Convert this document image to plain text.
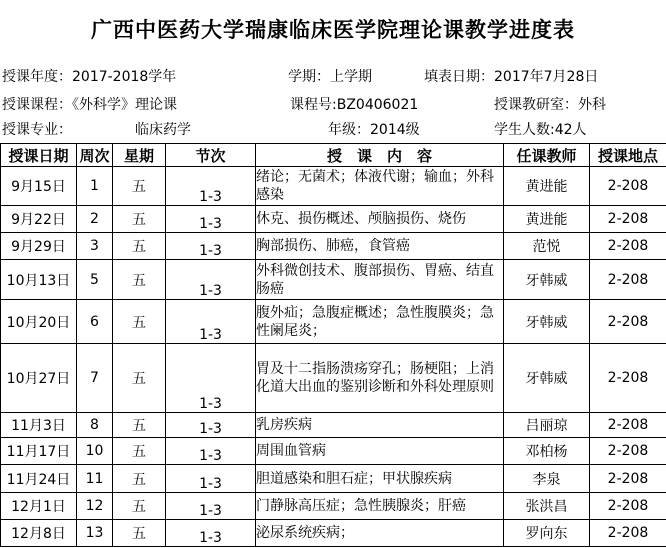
广西中医药大学瑞康临床医学院理论课教学进度表
授课年度：2017-2018学年	学期：上学期	填表日期：2017年7月28日
授课课程：《外科学》理论课	课程号:BZ0406021	授课教研室：外科
授课专业：	临床药学	年级：2014级	学生人数:42人
授课日期	周次	星期	节次	授　课　内　容	任课教师	授课地点
9月15日	1	五	1-3	绪论；无菌术；体液代谢；输血；外科感染	黄进能	2-208
9月22日	2	五	1-3	休克、损伤概述、颅脑损伤、烧伤	黄进能	2-208
9月29日	3	五	1-3	胸部损伤、肺癌，食管癌	范悦	2-208
10月13日	5	五	1-3	外科微创技术、腹部损伤、胃癌、结直肠癌	牙韩威	2-208
10月20日	6	五	1-3	腹外疝；急腹症概述；急性腹膜炎；急性阑尾炎；	牙韩威	2-208
10月27日	7	五	1-3	胃及十二指肠溃疡穿孔；肠梗阻；上消化道大出血的鉴别诊断和外科处理原则	牙韩威	2-208
11月3日	8	五	1-3	乳房疾病	吕丽琼	2-208
11月17日	10	五	1-3	周围血管病	邓柏杨	2-208
11月24日	11	五	1-3	胆道感染和胆石症；甲状腺疾病	李泉	2-208
12月1日	12	五	1-3	门静脉高压症；急性胰腺炎；肝癌	张洪昌	2-208
12月8日	13	五	1-3	泌尿系统疾病；	罗向东	2-208
